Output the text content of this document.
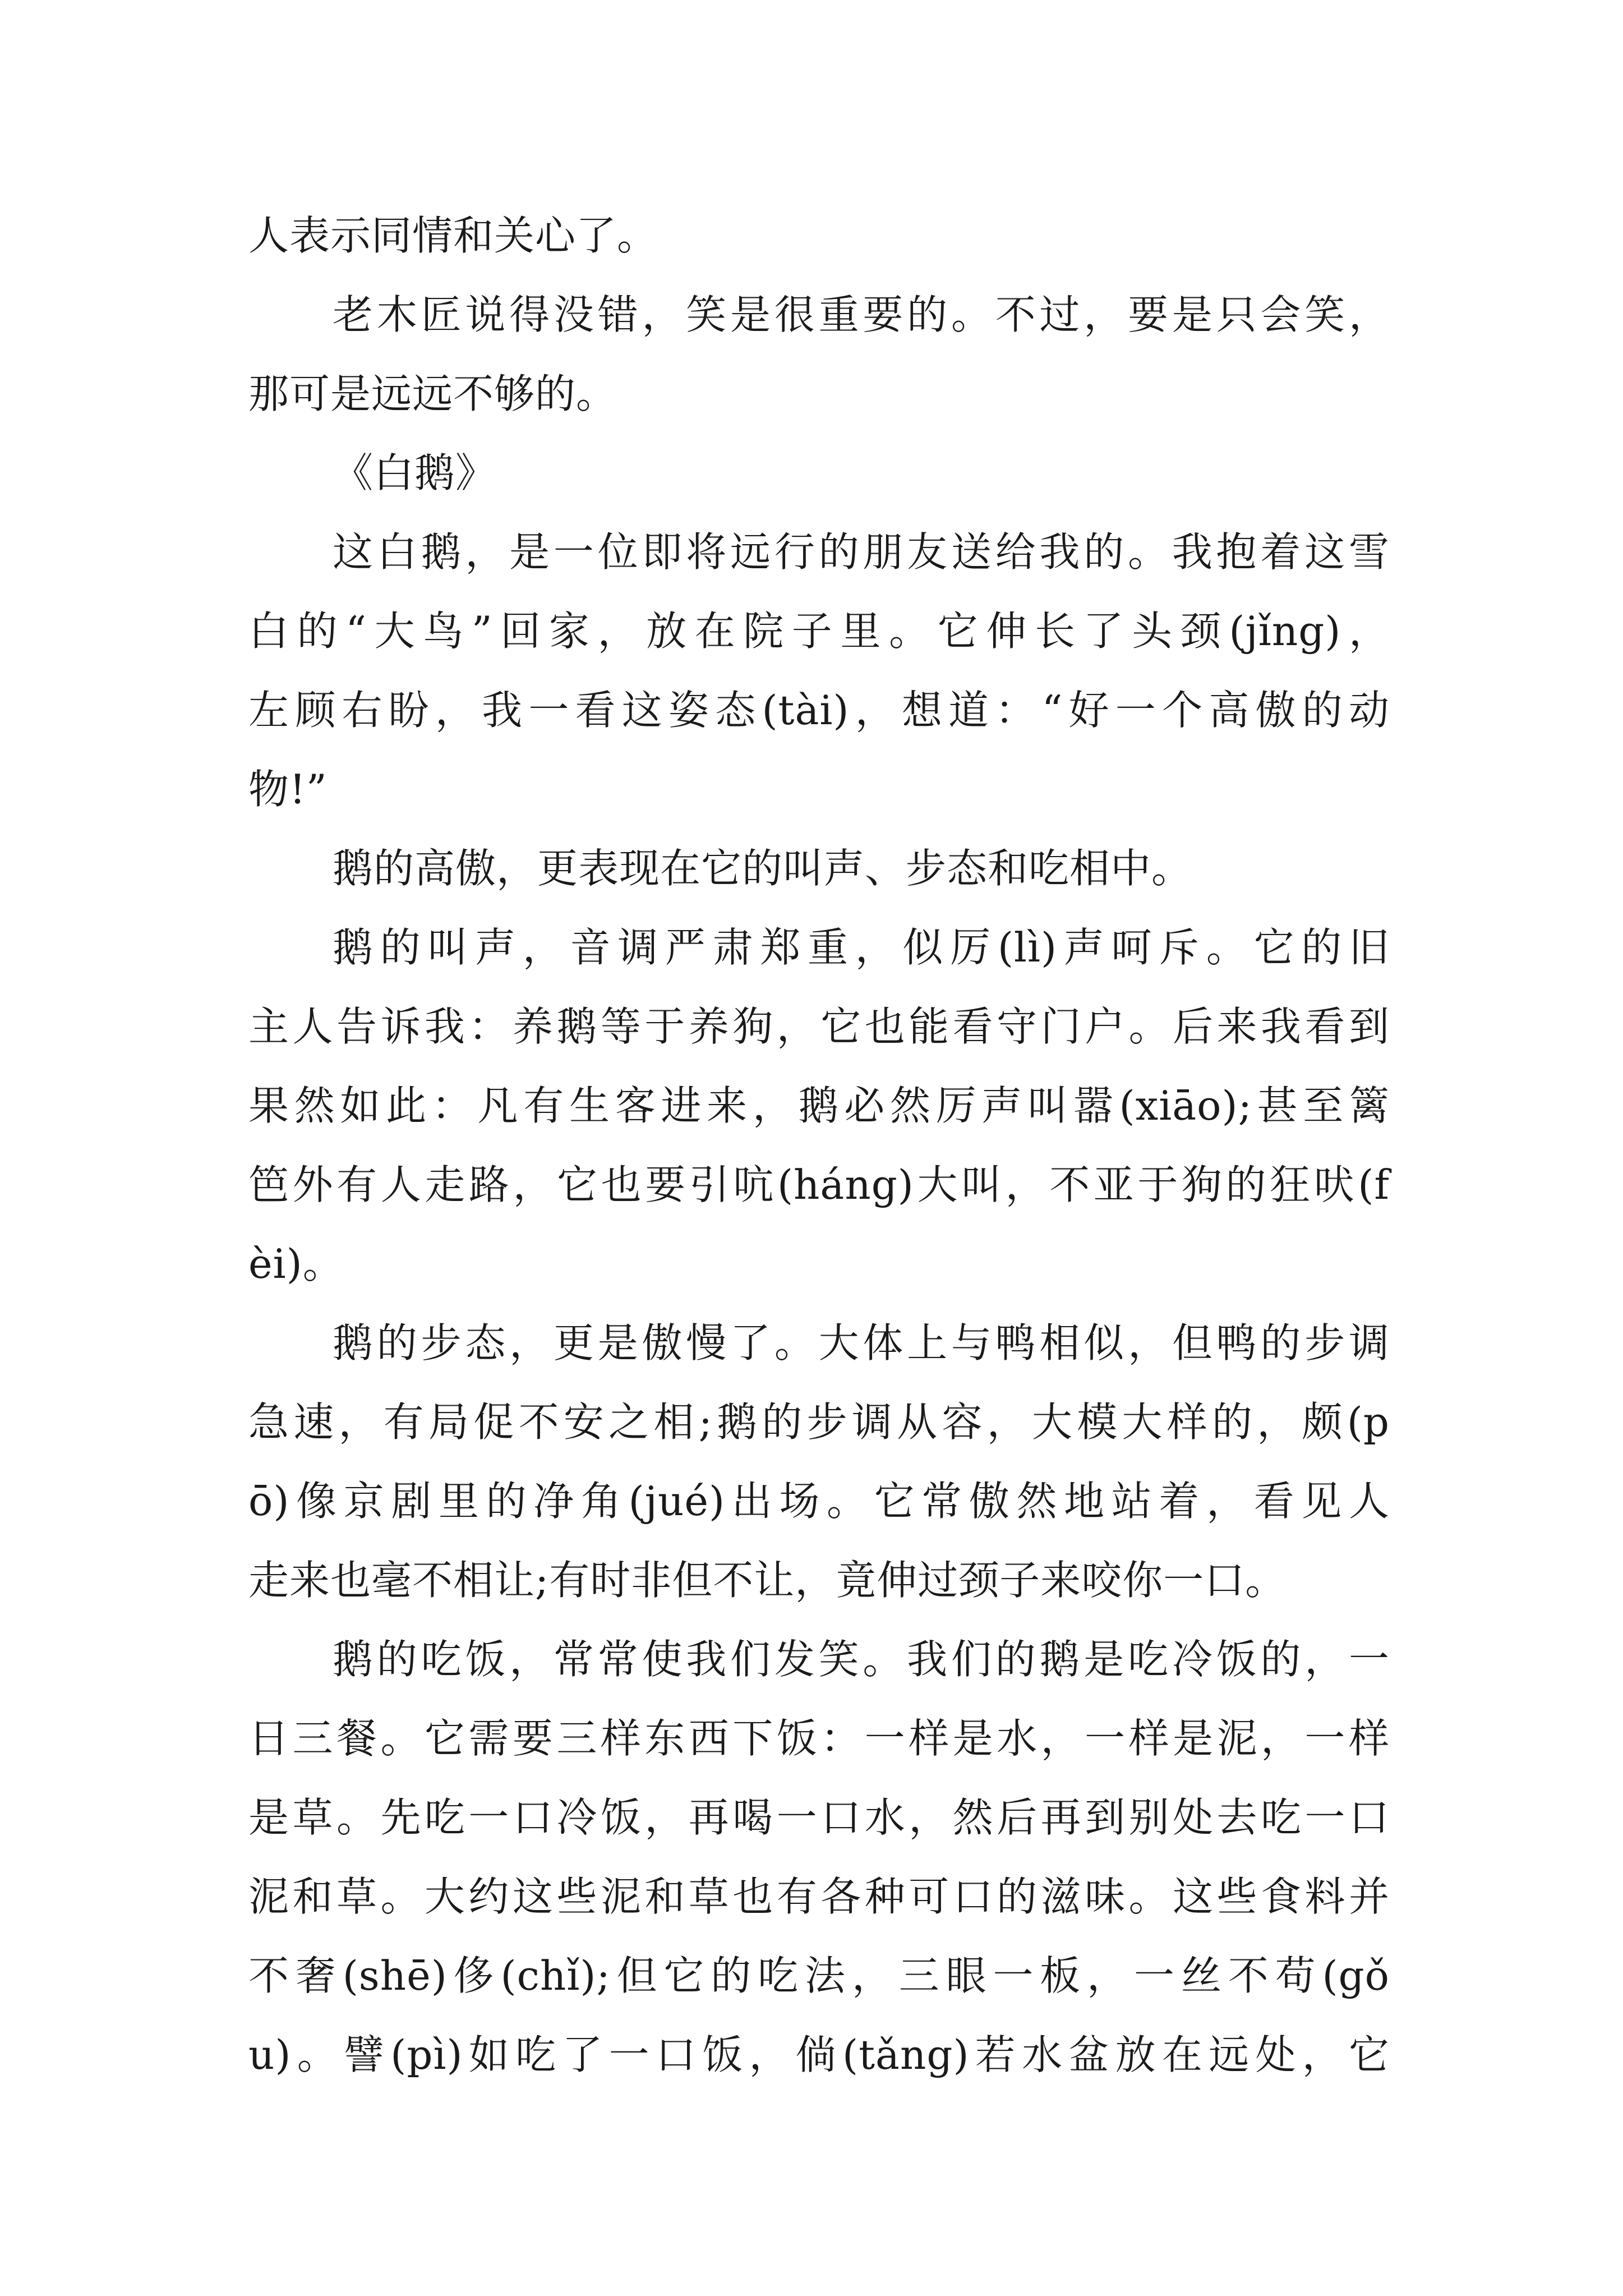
人表示同情和关心了。
老木匠说得没错，笑是很重要的。不过，要是只会笑，
那可是远远不够的。
《白鹅》
这白鹅，是一位即将远行的朋友送给我的。我抱着这雪
白的“大鸟”回家，放在院子里。它伸长了头颈(jǐng)，
左顾右盼，我一看这姿态(tài)，想道：“好一个高傲的动
物!”
鹅的高傲，更表现在它的叫声、步态和吃相中。
鹅的叫声，音调严肃郑重，似厉(lì)声呵斥。它的旧
主人告诉我：养鹅等于养狗，它也能看守门户。后来我看到
果然如此：凡有生客进来，鹅必然厉声叫嚣(xiāo);甚至篱
笆外有人走路，它也要引吭(háng)大叫，不亚于狗的狂吠(f
èi)。
鹅的步态，更是傲慢了。大体上与鸭相似，但鸭的步调
急速，有局促不安之相;鹅的步调从容，大模大样的，颇(p
ō)像京剧里的净角(jué)出场。它常傲然地站着，看见人
走来也毫不相让;有时非但不让，竟伸过颈子来咬你一口。
鹅的吃饭，常常使我们发笑。我们的鹅是吃冷饭的，一
日三餐。它需要三样东西下饭：一样是水，一样是泥，一样
是草。先吃一口冷饭，再喝一口水，然后再到别处去吃一口
泥和草。大约这些泥和草也有各种可口的滋味。这些食料并
不奢(shē)侈(chǐ);但它的吃法，三眼一板，一丝不苟(gǒ
u)。譬(pì)如吃了一口饭，倘(tǎng)若水盆放在远处，它
